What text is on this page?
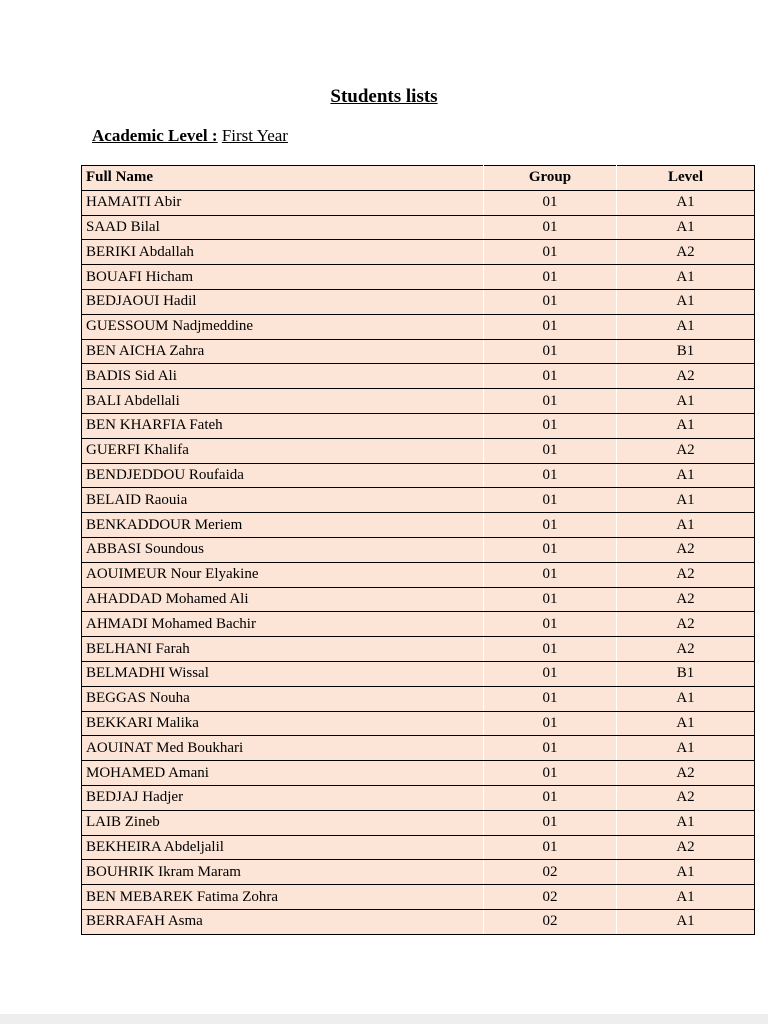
Students lists
Academic Level : First Year
Full Name	Group	Level
HAMAITI Abir	01	A1
SAAD Bilal	01	A1
BERIKI Abdallah	01	A2
BOUAFI Hicham	01	A1
BEDJAOUI Hadil	01	A1
GUESSOUM Nadjmeddine	01	A1
BEN AICHA Zahra	01	B1
BADIS Sid Ali	01	A2
BALI Abdellali	01	A1
BEN KHARFIA Fateh	01	A1
GUERFI Khalifa	01	A2
BENDJEDDOU Roufaida	01	A1
BELAID Raouia	01	A1
BENKADDOUR Meriem	01	A1
ABBASI Soundous	01	A2
AOUIMEUR Nour Elyakine	01	A2
AHADDAD Mohamed Ali	01	A2
AHMADI Mohamed Bachir	01	A2
BELHANI Farah	01	A2
BELMADHI Wissal	01	B1
BEGGAS Nouha	01	A1
BEKKARI Malika	01	A1
AOUINAT Med Boukhari	01	A1
MOHAMED Amani	01	A2
BEDJAJ Hadjer	01	A2
LAIB Zineb	01	A1
BEKHEIRA Abdeljalil	01	A2
BOUHRIK Ikram Maram	02	A1
BEN MEBAREK Fatima Zohra	02	A1
BERRAFAH Asma	02	A1
